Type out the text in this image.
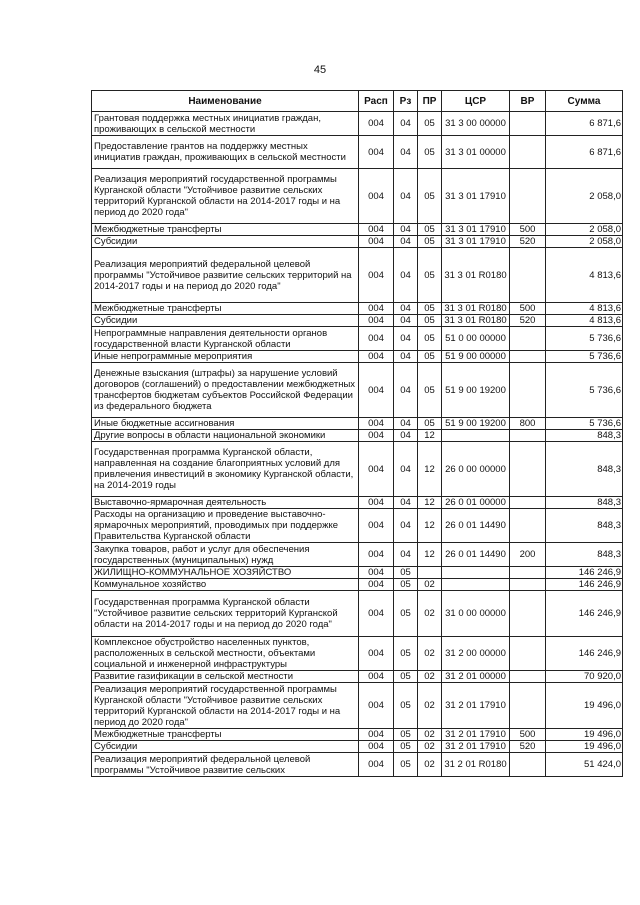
45
Наименование	Расп	Рз	ПР	ЦСР	ВР	Сумма
Грантовая поддержка местных инициатив граждан, проживающих в сельской местности	004	04	05	31 3 00 00000		6 871,6
Предоставление грантов на поддержку местных инициатив граждан, проживающих в сельской местности	004	04	05	31 3 01 00000		6 871,6
Реализация мероприятий государственной программы Курганской области "Устойчивое развитие сельских территорий Курганской области на 2014-2017 годы и на период до 2020 года"	004	04	05	31 3 01 17910		2 058,0
Межбюджетные трансферты	004	04	05	31 3 01 17910	500	2 058,0
Субсидии	004	04	05	31 3 01 17910	520	2 058,0
Реализация мероприятий федеральной целевой программы "Устойчивое развитие сельских территорий на 2014-2017 годы и на период до 2020 года"	004	04	05	31 3 01 R0180		4 813,6
Межбюджетные трансферты	004	04	05	31 3 01 R0180	500	4 813,6
Субсидии	004	04	05	31 3 01 R0180	520	4 813,6
Непрограммные направления деятельности органов государственной власти Курганской области	004	04	05	51 0 00 00000		5 736,6
Иные непрограммные мероприятия	004	04	05	51 9 00 00000		5 736,6
Денежные взыскания (штрафы) за нарушение условий договоров (соглашений) о предоставлении межбюджетных трансфертов бюджетам субъектов Российской Федерации из федерального бюджета	004	04	05	51 9 00 19200		5 736,6
Иные бюджетные ассигнования	004	04	05	51 9 00 19200	800	5 736,6
Другие вопросы в области национальной экономики	004	04	12			848,3
Государственная программа Курганской области, направленная на создание благоприятных условий для привлечения инвестиций в экономику Курганской области, на 2014-2019 годы	004	04	12	26 0 00 00000		848,3
Выставочно-ярмарочная деятельность	004	04	12	26 0 01 00000		848,3
Расходы на организацию и проведение выставочно-ярмарочных мероприятий, проводимых при поддержке Правительства Курганской области	004	04	12	26 0 01 14490		848,3
Закупка товаров, работ и услуг для обеспечения государственных (муниципальных) нужд	004	04	12	26 0 01 14490	200	848,3
ЖИЛИЩНО-КОММУНАЛЬНОЕ ХОЗЯЙСТВО	004	05				146 246,9
Коммунальное хозяйство	004	05	02			146 246,9
Государственная программа Курганской области "Устойчивое развитие сельских территорий Курганской области на 2014-2017 годы и на период до 2020 года"	004	05	02	31 0 00 00000		146 246,9
Комплексное обустройство населенных пунктов, расположенных в сельской местности, объектами социальной и инженерной инфраструктуры	004	05	02	31 2 00 00000		146 246,9
Развитие газификации в сельской местности	004	05	02	31 2 01 00000		70 920,0
Реализация мероприятий государственной программы Курганской области "Устойчивое развитие сельских территорий Курганской области на 2014-2017 годы и на период до 2020 года"	004	05	02	31 2 01 17910		19 496,0
Межбюджетные трансферты	004	05	02	31 2 01 17910	500	19 496,0
Субсидии	004	05	02	31 2 01 17910	520	19 496,0
Реализация мероприятий федеральной целевой программы "Устойчивое развитие сельских	004	05	02	31 2 01 R0180		51 424,0
